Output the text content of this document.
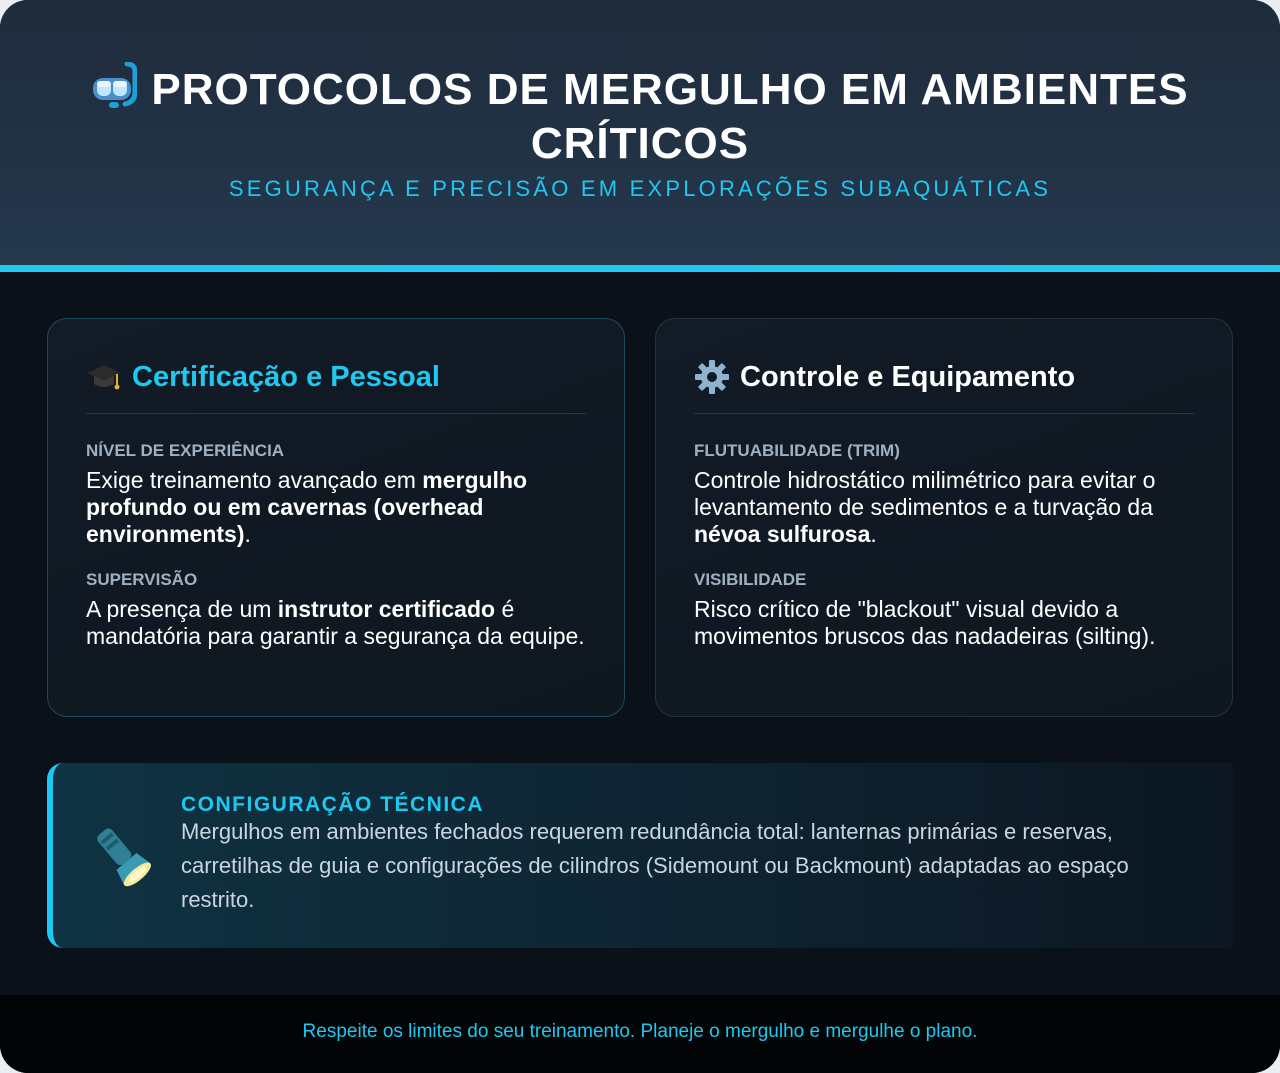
PROTOCOLOS DE MERGULHO EM AMBIENTES CRÍTICOS
SEGURANÇA E PRECISÃO EM EXPLORAÇÕES SUBAQUÁTICAS
Certificação e Pessoal
NÍVEL DE EXPERIÊNCIA
Exige treinamento avançado em mergulho profundo ou em cavernas (overhead environments).
SUPERVISÃO
A presença de um instrutor certificado é mandatória para garantir a segurança da equipe.
Controle e Equipamento
FLUTUABILIDADE (TRIM)
Controle hidrostático milimétrico para evitar o levantamento de sedimentos e a turvação da névoa sulfurosa.
VISIBILIDADE
Risco crítico de "blackout" visual devido a movimentos bruscos das nadadeiras (silting).
CONFIGURAÇÃO TÉCNICA
Mergulhos em ambientes fechados requerem redundância total: lanternas primárias e reservas, carretilhas de guia e configurações de cilindros (Sidemount ou Backmount) adaptadas ao espaço restrito.
Respeite os limites do seu treinamento. Planeje o mergulho e mergulhe o plano.
